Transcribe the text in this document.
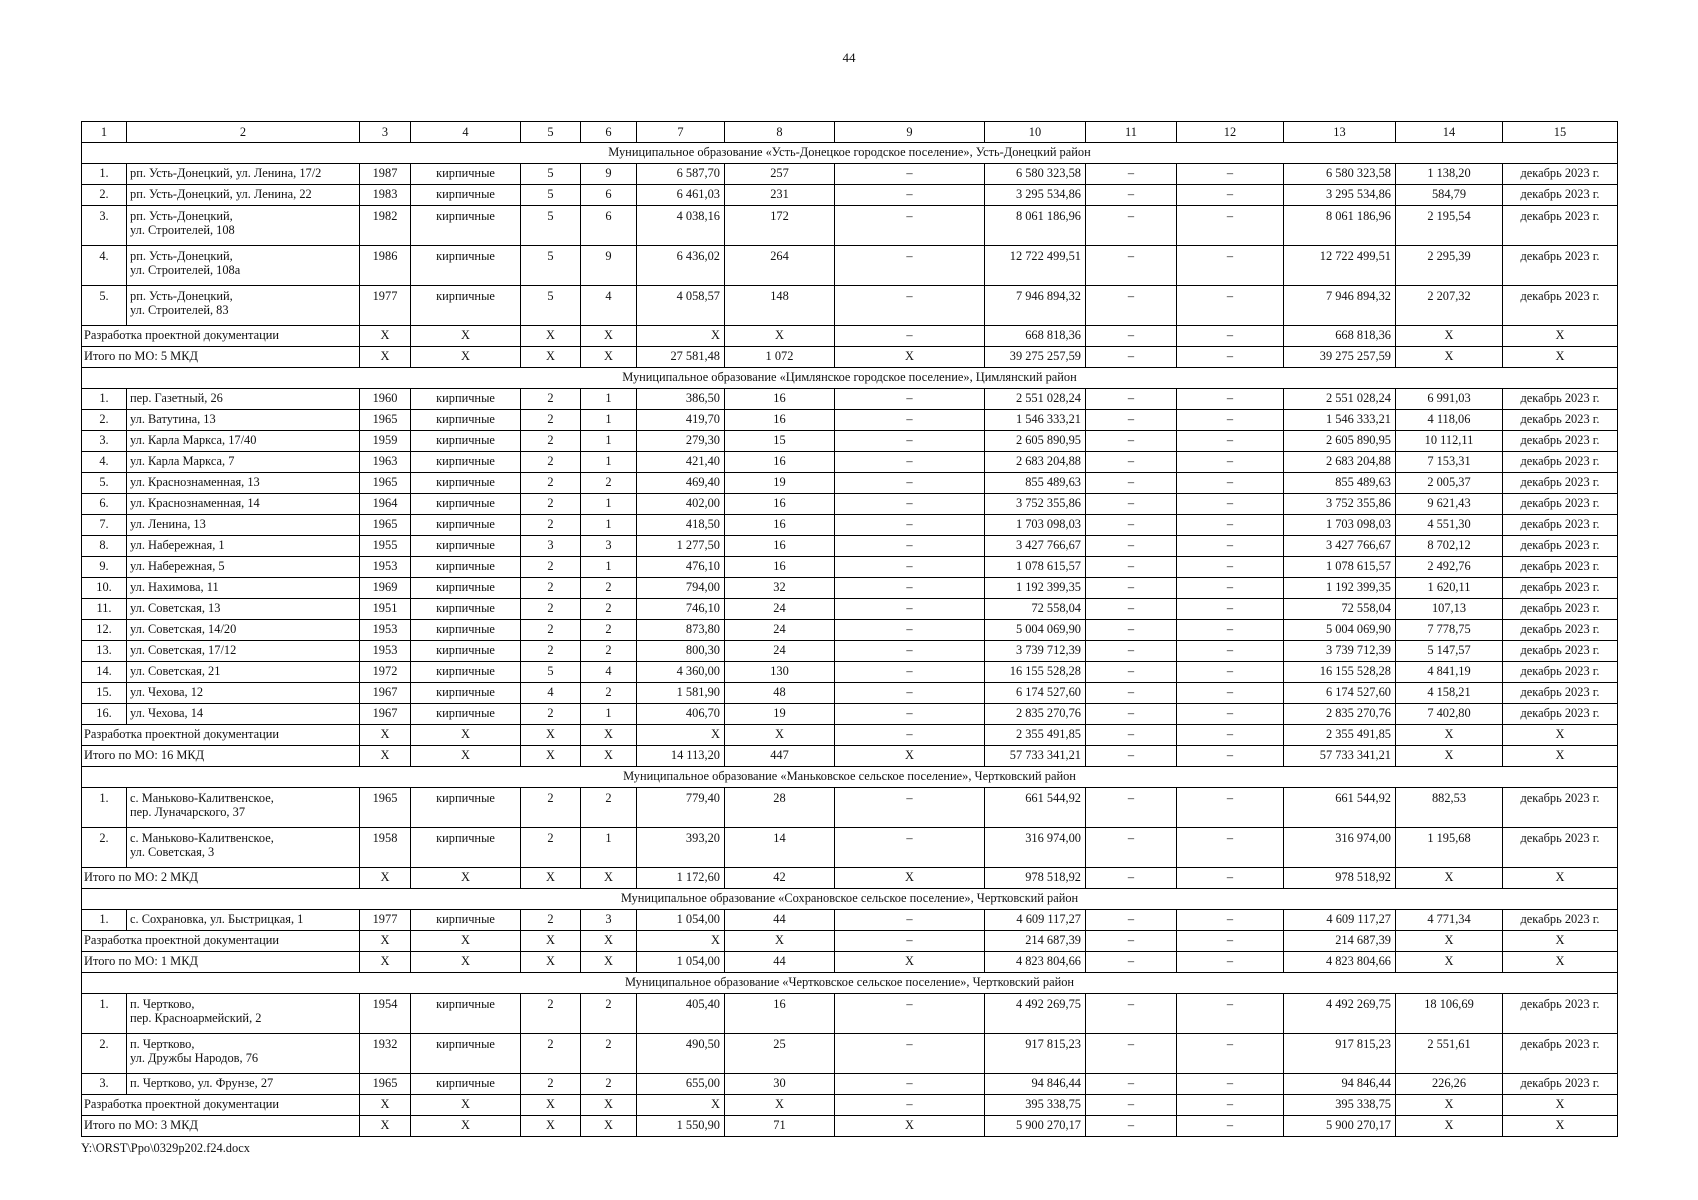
44
1	2	3	4	5	6	7	8	9	10	11	12	13	14	15
Муниципальное образование «Усть-Донецкое городское поселение», Усть-Донецкий район														
1.	рп. Усть-Донецкий, ул. Ленина, 17/2	1987	кирпичные	5	9	6 587,70	257	–	6 580 323,58	–	–	6 580 323,58	1 138,20	декабрь 2023 г.
2.	рп. Усть-Донецкий, ул. Ленина, 22	1983	кирпичные	5	6	6 461,03	231	–	3 295 534,86	–	–	3 295 534,86	584,79	декабрь 2023 г.
3.	рп. Усть-Донецкий,
ул. Строителей, 108	1982	кирпичные	5	6	4 038,16	172	–	8 061 186,96	–	–	8 061 186,96	2 195,54	декабрь 2023 г.
4.	рп. Усть-Донецкий,
ул. Строителей, 108а	1986	кирпичные	5	9	6 436,02	264	–	12 722 499,51	–	–	12 722 499,51	2 295,39	декабрь 2023 г.
5.	рп. Усть-Донецкий,
ул. Строителей, 83	1977	кирпичные	5	4	4 058,57	148	–	7 946 894,32	–	–	7 946 894,32	2 207,32	декабрь 2023 г.
Разработка проектной документации		X	X	X	X	X	X	–	668 818,36	–	–	668 818,36	X	X
Итого по МО: 5 МКД		X	X	X	X	27 581,48	1 072	X	39 275 257,59	–	–	39 275 257,59	X	X
Муниципальное образование «Цимлянское городское поселение», Цимлянский район														
1.	пер. Газетный, 26	1960	кирпичные	2	1	386,50	16	–	2 551 028,24	–	–	2 551 028,24	6 991,03	декабрь 2023 г.
2.	ул. Ватутина, 13	1965	кирпичные	2	1	419,70	16	–	1 546 333,21	–	–	1 546 333,21	4 118,06	декабрь 2023 г.
3.	ул. Карла Маркса, 17/40	1959	кирпичные	2	1	279,30	15	–	2 605 890,95	–	–	2 605 890,95	10 112,11	декабрь 2023 г.
4.	ул. Карла Маркса, 7	1963	кирпичные	2	1	421,40	16	–	2 683 204,88	–	–	2 683 204,88	7 153,31	декабрь 2023 г.
5.	ул. Краснознаменная, 13	1965	кирпичные	2	2	469,40	19	–	855 489,63	–	–	855 489,63	2 005,37	декабрь 2023 г.
6.	ул. Краснознаменная, 14	1964	кирпичные	2	1	402,00	16	–	3 752 355,86	–	–	3 752 355,86	9 621,43	декабрь 2023 г.
7.	ул. Ленина, 13	1965	кирпичные	2	1	418,50	16	–	1 703 098,03	–	–	1 703 098,03	4 551,30	декабрь 2023 г.
8.	ул. Набережная, 1	1955	кирпичные	3	3	1 277,50	16	–	3 427 766,67	–	–	3 427 766,67	8 702,12	декабрь 2023 г.
9.	ул. Набережная, 5	1953	кирпичные	2	1	476,10	16	–	1 078 615,57	–	–	1 078 615,57	2 492,76	декабрь 2023 г.
10.	ул. Нахимова, 11	1969	кирпичные	2	2	794,00	32	–	1 192 399,35	–	–	1 192 399,35	1 620,11	декабрь 2023 г.
11.	ул. Советская, 13	1951	кирпичные	2	2	746,10	24	–	72 558,04	–	–	72 558,04	107,13	декабрь 2023 г.
12.	ул. Советская, 14/20	1953	кирпичные	2	2	873,80	24	–	5 004 069,90	–	–	5 004 069,90	7 778,75	декабрь 2023 г.
13.	ул. Советская, 17/12	1953	кирпичные	2	2	800,30	24	–	3 739 712,39	–	–	3 739 712,39	5 147,57	декабрь 2023 г.
14.	ул. Советская, 21	1972	кирпичные	5	4	4 360,00	130	–	16 155 528,28	–	–	16 155 528,28	4 841,19	декабрь 2023 г.
15.	ул. Чехова, 12	1967	кирпичные	4	2	1 581,90	48	–	6 174 527,60	–	–	6 174 527,60	4 158,21	декабрь 2023 г.
16.	ул. Чехова, 14	1967	кирпичные	2	1	406,70	19	–	2 835 270,76	–	–	2 835 270,76	7 402,80	декабрь 2023 г.
Разработка проектной документации		X	X	X	X	X	X	–	2 355 491,85	–	–	2 355 491,85	X	X
Итого по МО: 16 МКД		X	X	X	X	14 113,20	447	X	57 733 341,21	–	–	57 733 341,21	X	X
Муниципальное образование «Маньковское сельское поселение», Чертковский район														
1.	с. Маньково-Калитвенское,
пер. Луначарского, 37	1965	кирпичные	2	2	779,40	28	–	661 544,92	–	–	661 544,92	882,53	декабрь 2023 г.
2.	с. Маньково-Калитвенское,
ул. Советская, 3	1958	кирпичные	2	1	393,20	14	–	316 974,00	–	–	316 974,00	1 195,68	декабрь 2023 г.
Итого по МО: 2 МКД		X	X	X	X	1 172,60	42	X	978 518,92	–	–	978 518,92	X	X
Муниципальное образование «Сохрановское сельское поселение», Чертковский район														
1.	с. Сохрановка, ул. Быстрицкая, 1	1977	кирпичные	2	3	1 054,00	44	–	4 609 117,27	–	–	4 609 117,27	4 771,34	декабрь 2023 г.
Разработка проектной документации		X	X	X	X	X	X	–	214 687,39	–	–	214 687,39	X	X
Итого по МО: 1 МКД		X	X	X	X	1 054,00	44	X	4 823 804,66	–	–	4 823 804,66	X	X
Муниципальное образование «Чертковское сельское поселение», Чертковский район														
1.	п. Чертково,
пер. Красноармейский, 2	1954	кирпичные	2	2	405,40	16	–	4 492 269,75	–	–	4 492 269,75	18 106,69	декабрь 2023 г.
2.	п. Чертково,
ул. Дружбы Народов, 76	1932	кирпичные	2	2	490,50	25	–	917 815,23	–	–	917 815,23	2 551,61	декабрь 2023 г.
3.	п. Чертково, ул. Фрунзе, 27	1965	кирпичные	2	2	655,00	30	–	94 846,44	–	–	94 846,44	226,26	декабрь 2023 г.
Разработка проектной документации		X	X	X	X	X	X	–	395 338,75	–	–	395 338,75	X	X
Итого по МО: 3 МКД		X	X	X	X	1 550,90	71	X	5 900 270,17	–	–	5 900 270,17	X	X
Y:\ORST\Ppo\0329p202.f24.docx
